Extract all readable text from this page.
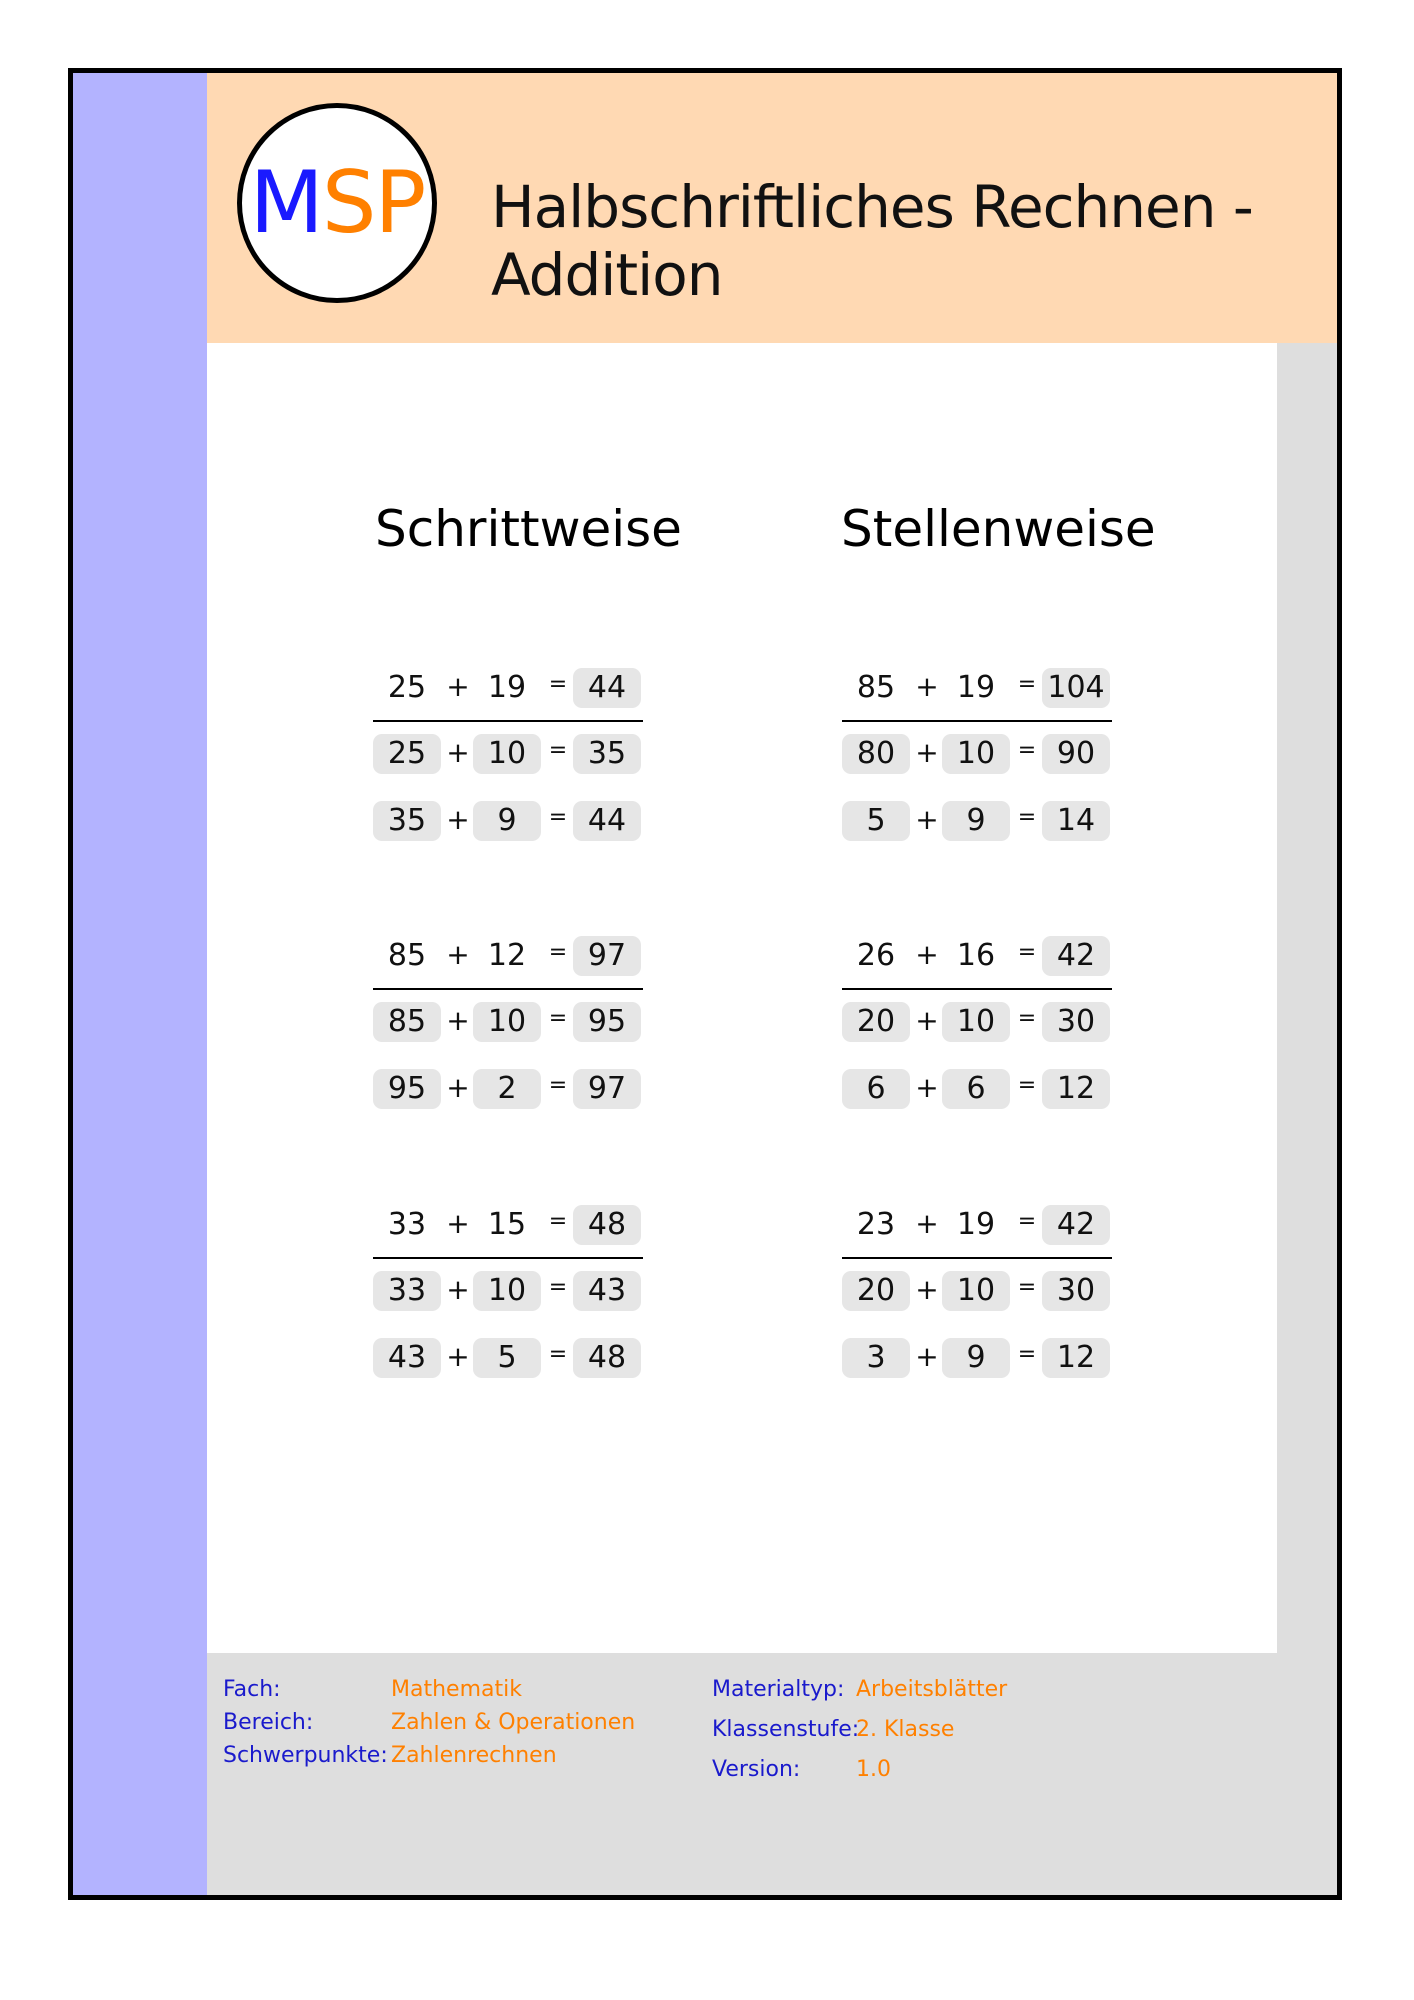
M SP Halbschriftliches Rechnen - Addition
Fach:	Mathematik
Bereich:	Zahlen & Operationen
Schwerpunkte: Zahlenrechnen
Materialtyp: Arbeitsblätter
Klassenstufe:
2. Klasse
Version:	1.0
Schrittweise
25 + 19	= 44
25 + 10	= 35
35 + 9	= 44
85 + 12	= 97
85 + 10	= 95
95 + 2	= 97
33 + 15	= 48
33 + 10	= 43
43 + 5	= 48
Stellenweise
85 + 19	= 104
80 + 10	= 90
5	+ 9	= 14
26 + 16	= 42
20 + 10	= 30
6	+ 6	= 12
23 + 19	= 42
20 + 10	= 30
3	+ 9	= 12
